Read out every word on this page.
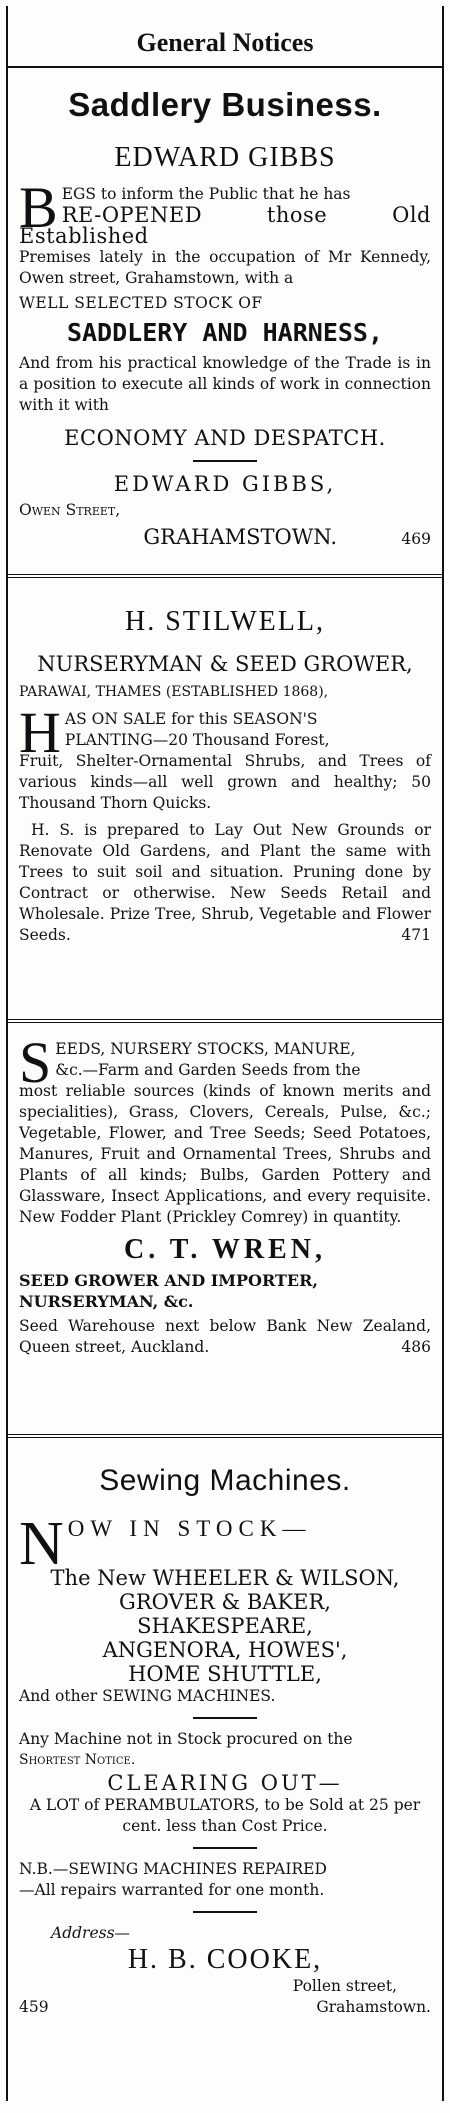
General Notices
Saddlery Business.
EDWARD GIBBS
B EGS to inform the Public that he has
RE-OPENED those Old Established
Premises lately in the occupation of Mr Kennedy, Owen street, Grahamstown, with a
WELL SELECTED STOCK OF
SADDLERY AND HARNESS,
And from his practical knowledge of the Trade is in a position to execute all kinds of work in connection with it with
ECONOMY AND DESPATCH.
EDWARD GIBBS,
Owen Street,
GRAHAMSTOWN.	469
H. STILWELL,
NURSERYMAN & SEED GROWER,
PARAWAI, THAMES (ESTABLISHED 1868),
H AS ON SALE for this SEASON'S
PLANTING—20 Thousand Forest,
Fruit, Shelter-Ornamental Shrubs, and Trees of various kinds—all well grown and healthy; 50 Thousand Thorn Quicks.
H. S. is prepared to Lay Out New Grounds or Renovate Old Gardens, and Plant the same with Trees to suit soil and situation. Pruning done by Contract or otherwise. New Seeds Retail and Wholesale. Prize Tree, Shrub, Vegetable and Flower Seeds.	471
S EEDS, NURSERY STOCKS, MANURE,
&c.—Farm and Garden Seeds from the
most reliable sources (kinds of known merits and specialities), Grass, Clovers, Cereals, Pulse, &c.; Vegetable, Flower, and Tree Seeds; Seed Potatoes, Manures, Fruit and Ornamental Trees, Shrubs and Plants of all kinds; Bulbs, Garden Pottery and Glassware, Insect Applications, and every requisite. New Fodder Plant (Prickley Comrey) in quantity.
C. T. WREN,
SEED GROWER AND IMPORTER,
NURSERYMAN, &c.
Seed Warehouse next below Bank New Zealand, Queen street, Auckland.	486
Sewing Machines.
N OW IN STOCK—
The New WHEELER & WILSON,
GROVER & BAKER,
SHAKESPEARE,
ANGENORA, HOWES',
HOME SHUTTLE,
And other SEWING MACHINES.
Any Machine not in Stock procured on the
Shortest Notice.
CLEARING OUT—
A LOT of PERAMBULATORS, to be Sold at 25 per cent. less than Cost Price.
N.B.—SEWING MACHINES REPAIRED
—All repairs warranted for one month.
Address—
H. B. COOKE,
Pollen street,
459	Grahamstown.
